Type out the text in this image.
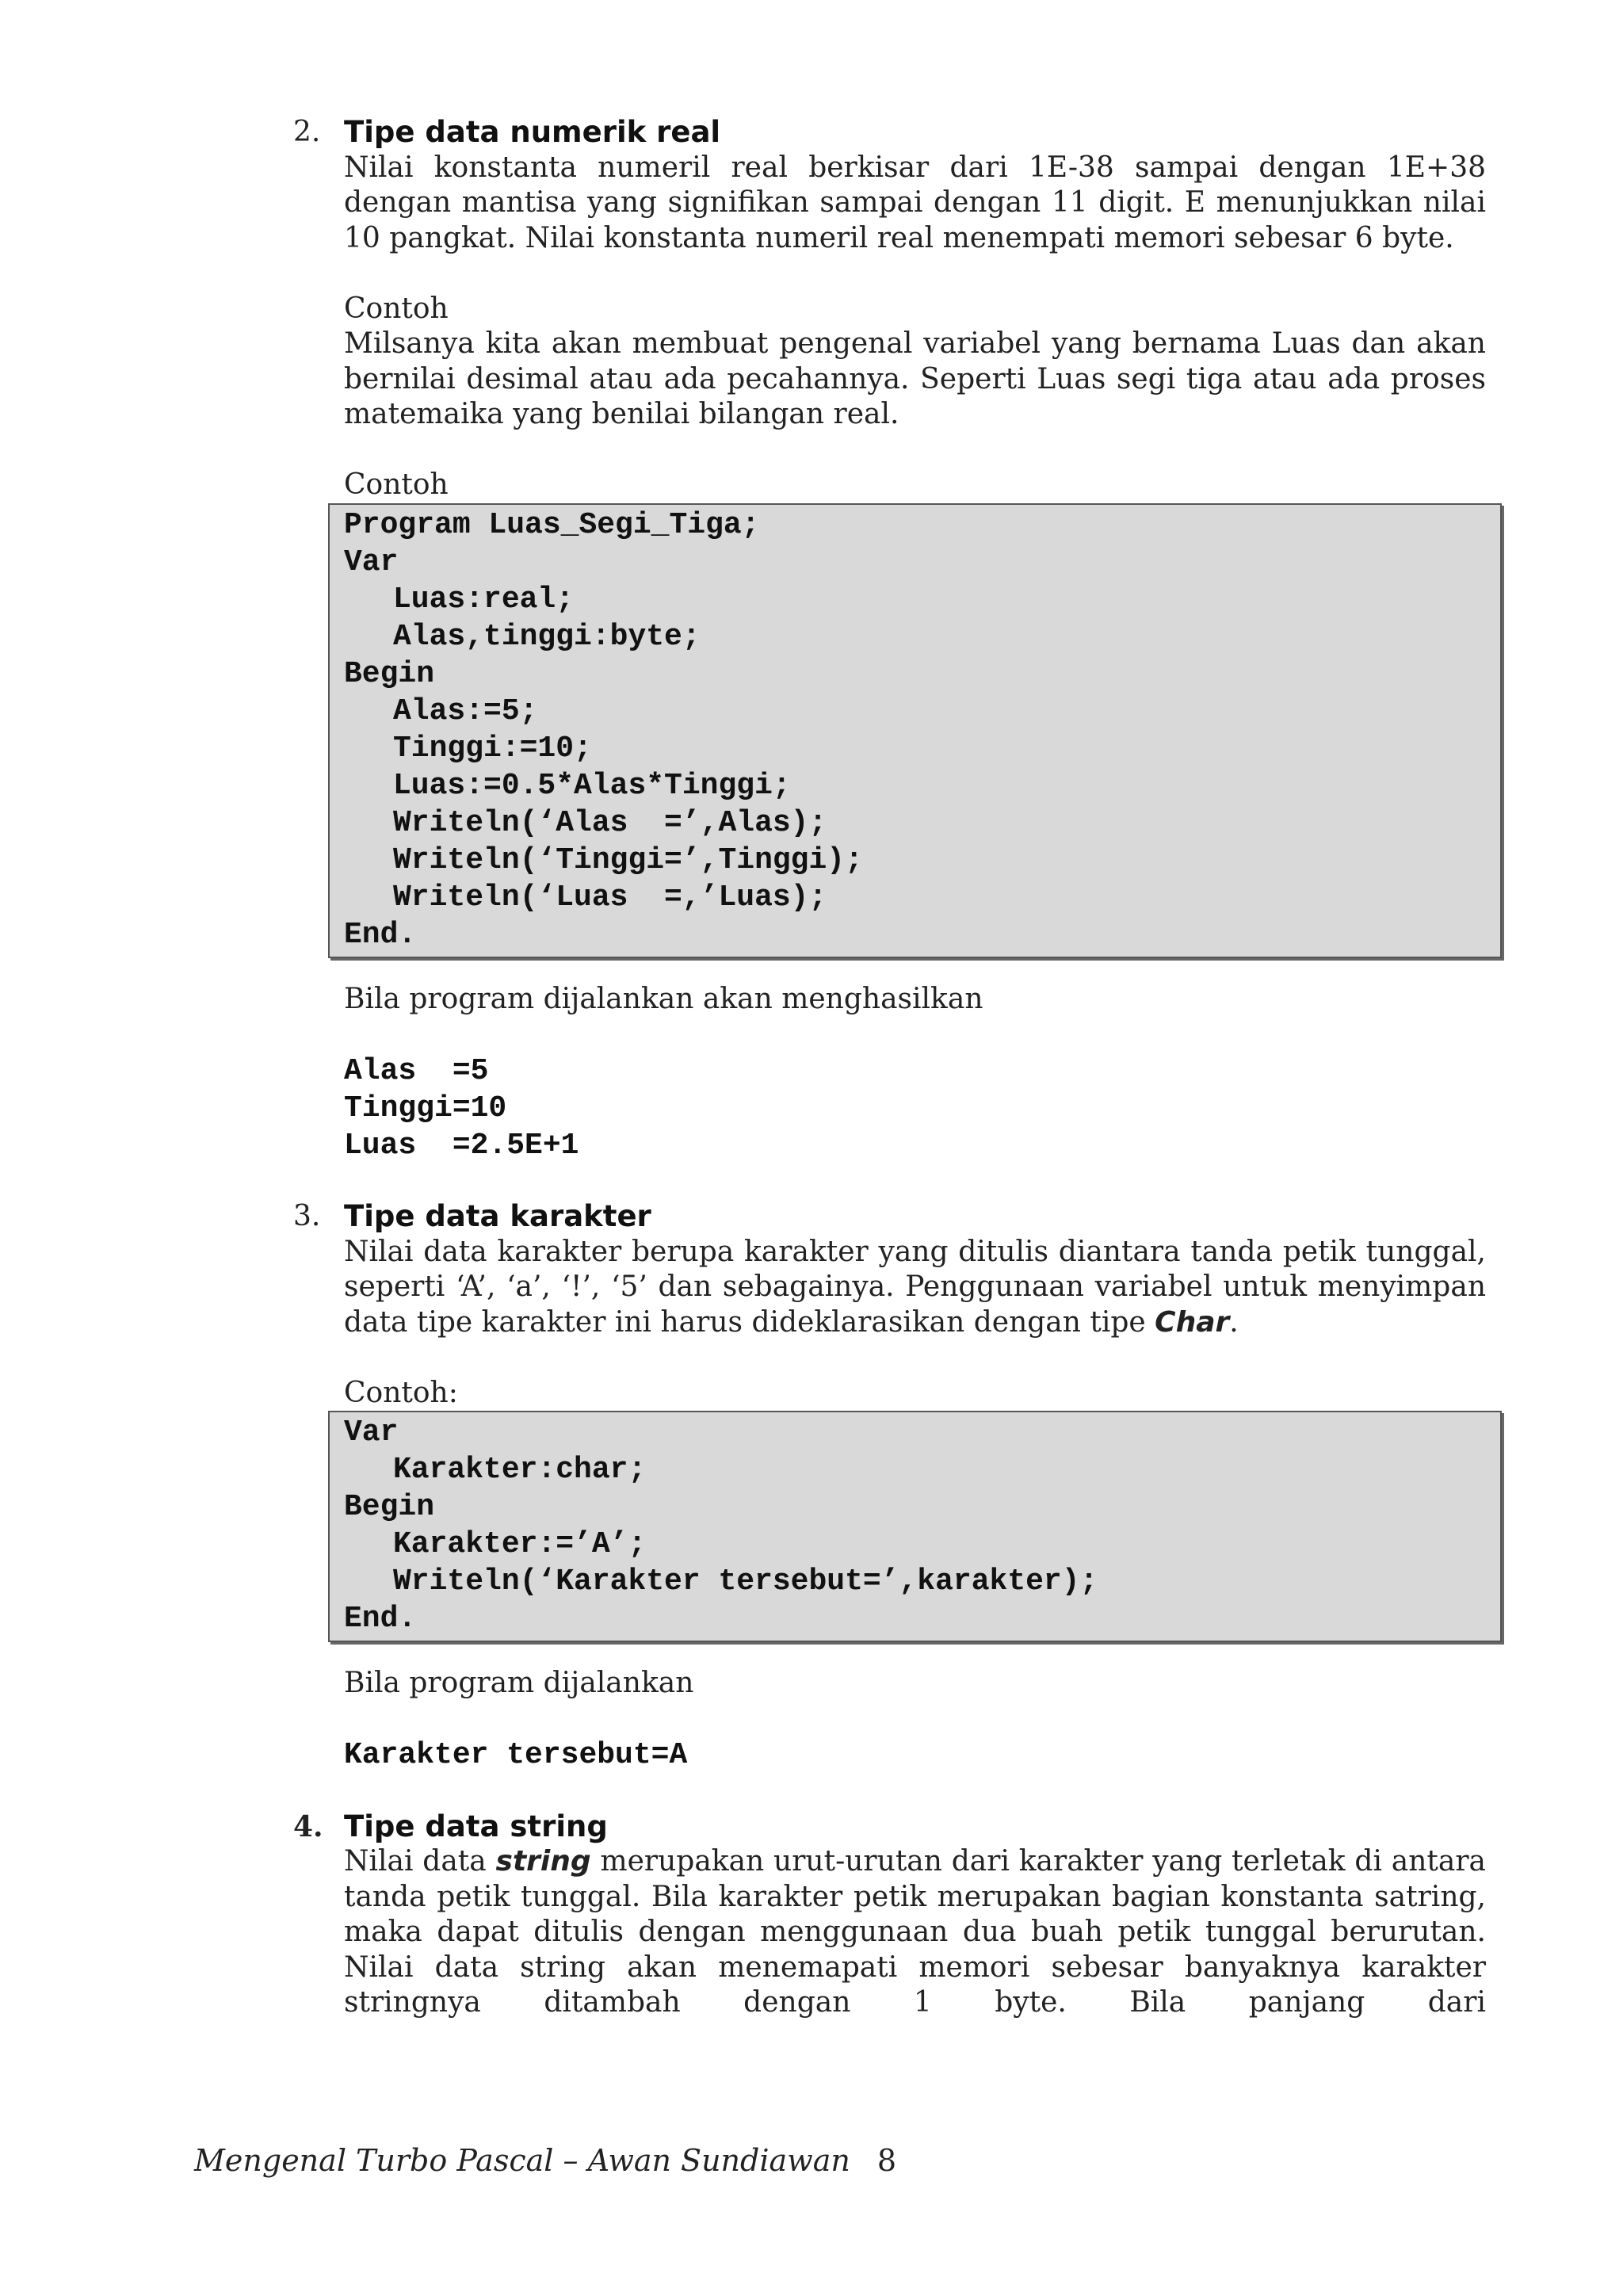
2. Tipe data numerik real

Nilai konstanta numeril real berkisar dari 1E-38 sampai dengan 1E+38 dengan mantisa yang signifikan sampai dengan 11 digit. E menunjukkan nilai 10 pangkat. Nilai konstanta numeril real menempati memori sebesar 6 byte.

Contoh

Milsanya kita akan membuat pengenal variabel yang bernama Luas dan akan bernilai desimal atau ada pecahannya. Seperti Luas segi tiga atau ada proses matemaika yang benilai bilangan real.

Contoh
Program Luas_Segi_Tiga;
Var
Luas:real;
Alas,tinggi:byte;
Begin
Alas:=5;
Tinggi:=10;
Luas:=0.5*Alas*Tinggi;
Writeln(‘Alas  =’,Alas);
Writeln(‘Tinggi=’,Tinggi);
Writeln(‘Luas  =,’Luas);
End.
Bila program dijalankan akan menghasilkan
Alas  =5
Tinggi=10
Luas  =2.5E+1
3. Tipe data karakter

Nilai data karakter berupa karakter yang ditulis diantara tanda petik tunggal, seperti ‘A’, ‘a’, ‘!’, ‘5’ dan sebagainya. Penggunaan variabel untuk menyimpan data tipe karakter ini harus dideklarasikan dengan tipe Char.

Contoh:
Var
Karakter:char;
Begin
Karakter:=’A’;
Writeln(‘Karakter tersebut=’,karakter);
End.
Bila program dijalankan
Karakter tersebut=A
4. Tipe data string

Nilai data string merupakan urut-urutan dari karakter yang terletak di antara tanda petik tunggal. Bila karakter petik merupakan bagian konstanta satring, maka dapat ditulis dengan menggunaan dua buah petik tunggal berurutan. Nilai data string akan menemapati memori sebesar banyaknya karakter stringnya ditambah dengan 1 byte. Bila panjang dari

Mengenal Turbo Pascal – Awan Sundiawan 8
